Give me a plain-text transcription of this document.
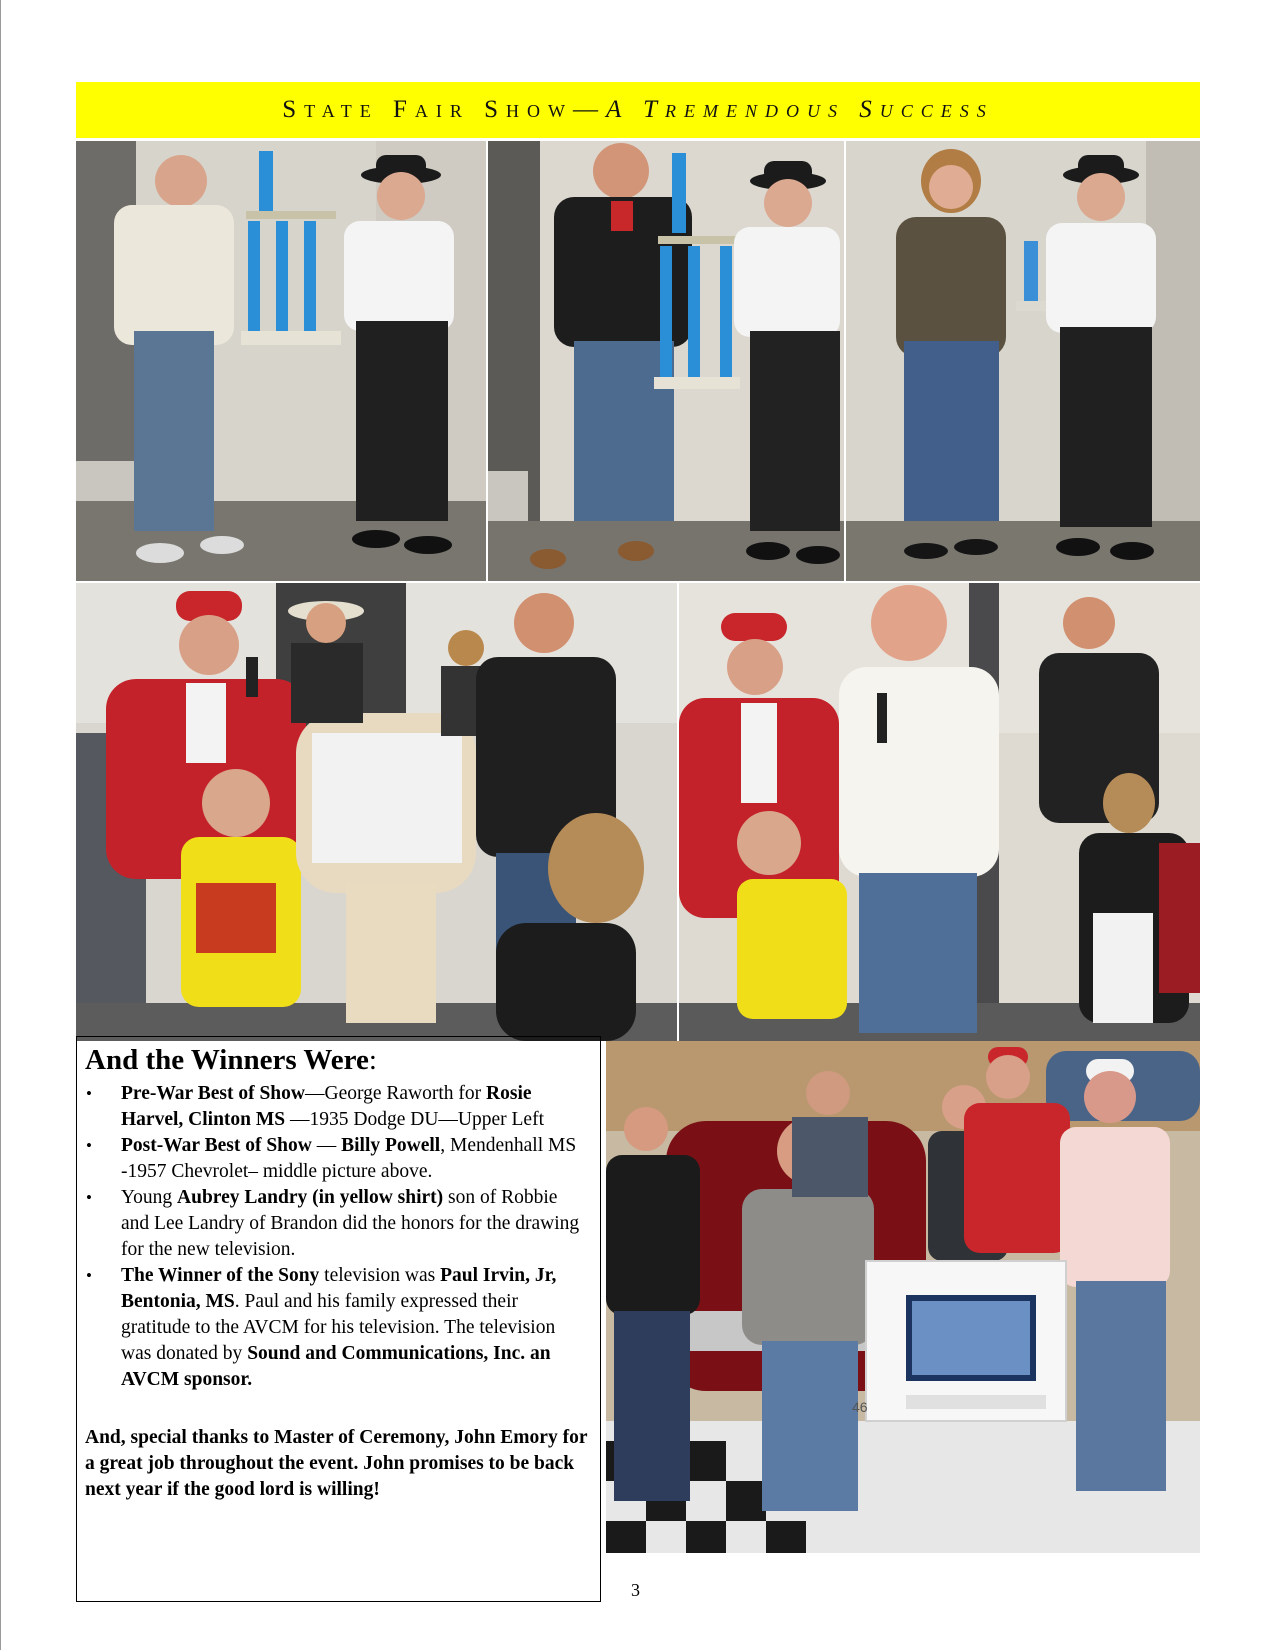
State Fair Show—A Tremendous Success
46
And the Winners Were:
• Pre-War Best of Show—George Raworth for Rosie Harvel, Clinton MS —1935 Dodge DU—Upper Left
• Post-War Best of Show — Billy Powell, Mendenhall MS -1957 Chevrolet– middle picture above.
• Young Aubrey Landry (in yellow shirt) son of Robbie and Lee Landry of Brandon did the honors for the drawing for the new television.
• The Winner of the Sony television was Paul Irvin, Jr, Bentonia, MS. Paul and his family expressed their gratitude to the AVCM for his television. The television was donated by Sound and Communications, Inc. an AVCM sponsor.
And, special thanks to Master of Ceremony, John Emory for a great job throughout the event. John promises to be back next year if the good lord is willing!
3
